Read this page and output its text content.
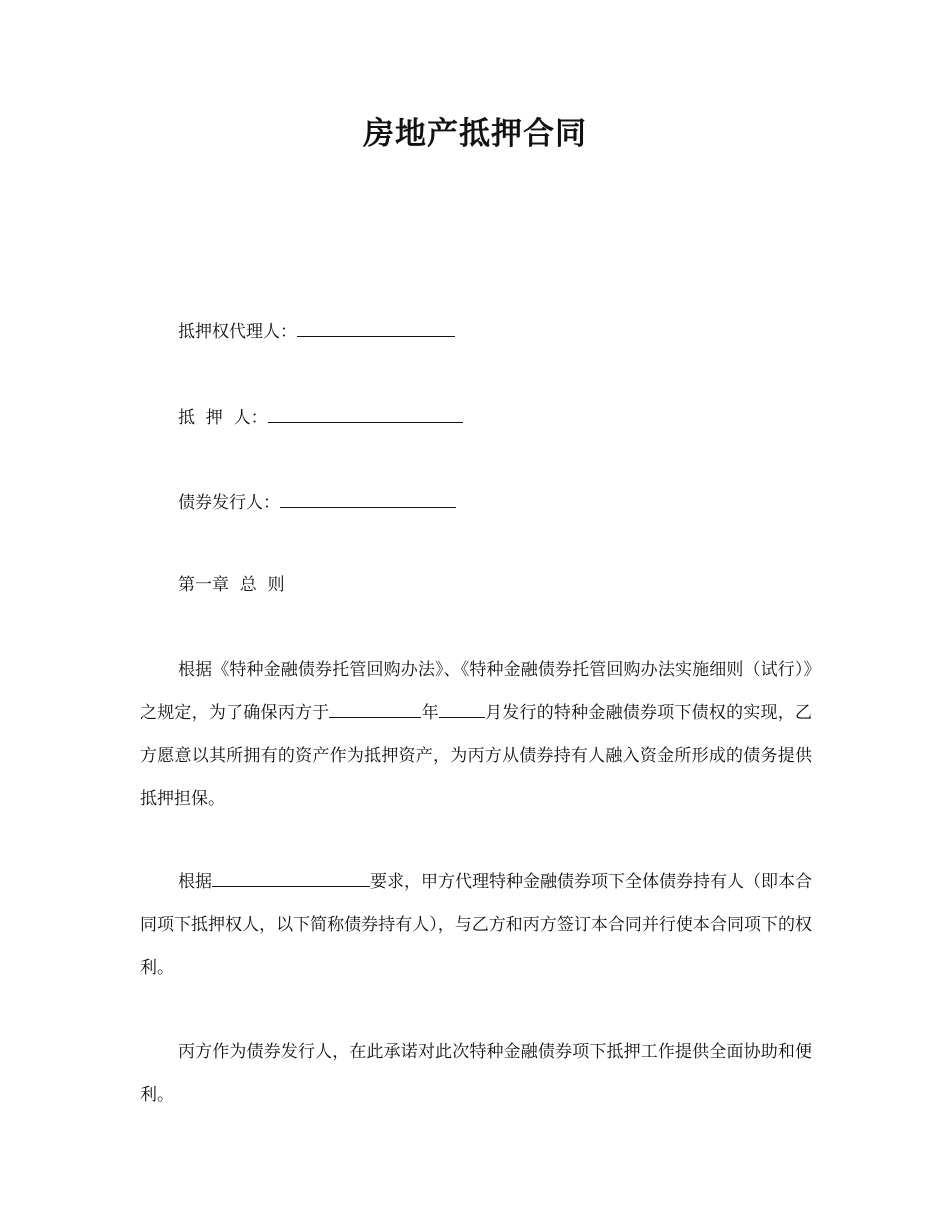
房地产抵押合同
抵押权代理人：
抵  押  人：
债券发行人：
第一章  总  则

根据《特种金融债券托管回购办法》、《特种金融债券托管回购办法实施细则（试行）》之规定，为了确保丙方于	年	月发行的特种金融债券项下债权的实现，乙方愿意以其所拥有的资产作为抵押资产，为丙方从债券持有人融入资金所形成的债务提供抵押担保。

根据	要求，甲方代理特种金融债券项下全体债券持有人（即本合同项下抵押权人，以下简称债券持有人），与乙方和丙方签订本合同并行使本合同项下的权利。

丙方作为债券发行人，在此承诺对此次特种金融债券项下抵押工作提供全面协助和便利。
